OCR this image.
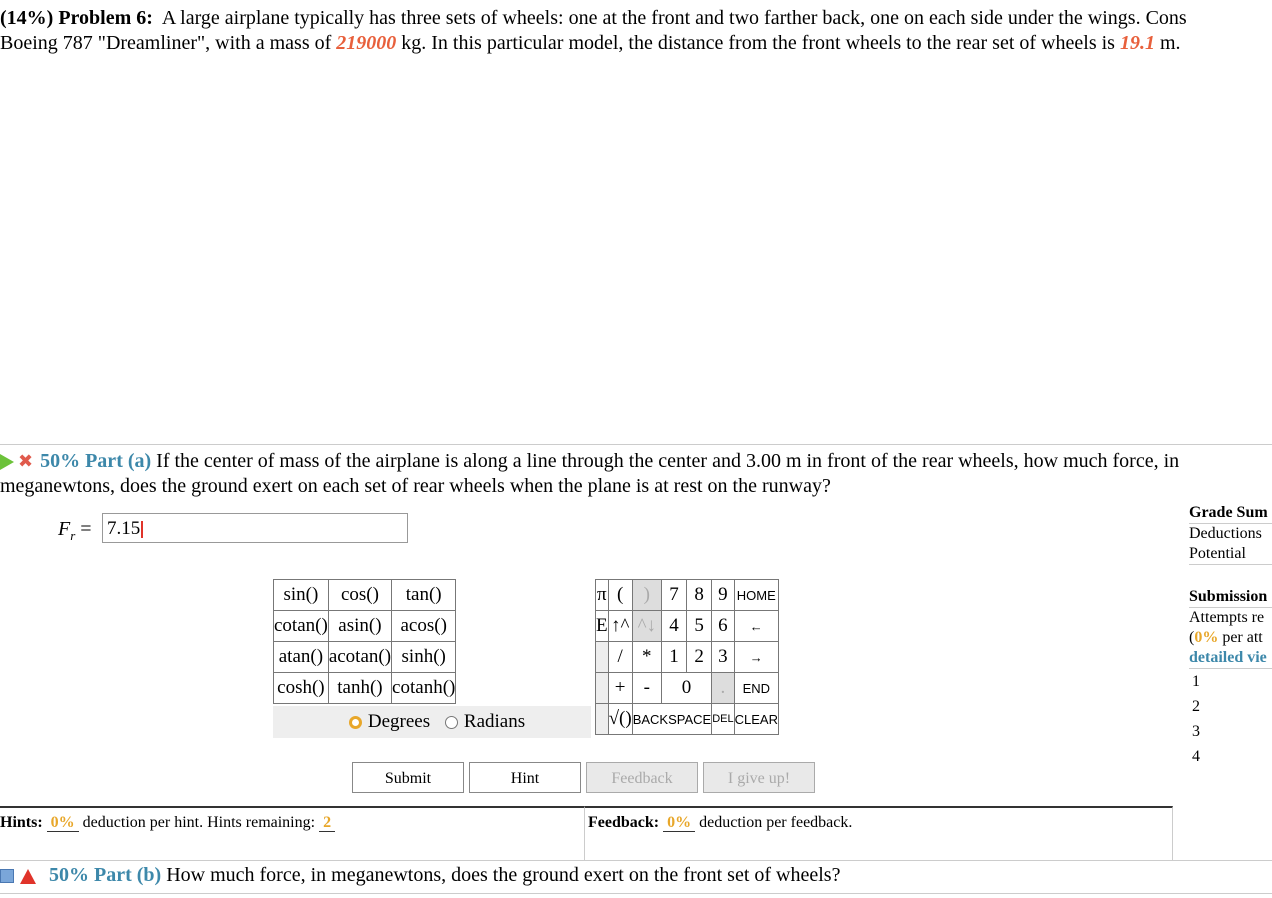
(14%) Problem 6: A large airplane typically has three sets of wheels: one at the front and two farther back, one on each side under the wings. Cons
Boeing 787 "Dreamliner", with a mass of 219000 kg. In this particular model, the distance from the front wheels to the rear set of wheels is 19.1 m.
✖ 50% Part (a) If the center of mass of the airplane is along a line through the center and 3.00 m in front of the rear wheels, how much force, in
meganewtons, does the ground exert on each set of rear wheels when the plane is at rest on the runway?
$F_r = 7.15$
sin()	cos()	tan()
cotan()	asin()	acos()
atan()	acotan()	sinh()
cosh()	tanh()	cotanh()
Degrees Radians
π	(	)	7	8	9	HOME
E	↑^	^↓	4	5	6	←
	/	*	1	2	3	→
	+	-	0		.	END
	√()	BACKSPACE			DEL	CLEAR
Submit	Hint	Feedback	I give up!
Hints: 0% deduction per hint. Hints remaining: 2	Feedback: 0% deduction per feedback.
50% Part (b) How much force, in meganewtons, does the ground exert on the front set of wheels?
Grade Sum
Deductions
Potential
Submission
Attempts re
(0% per att
detailed vie
1
2
3
4
